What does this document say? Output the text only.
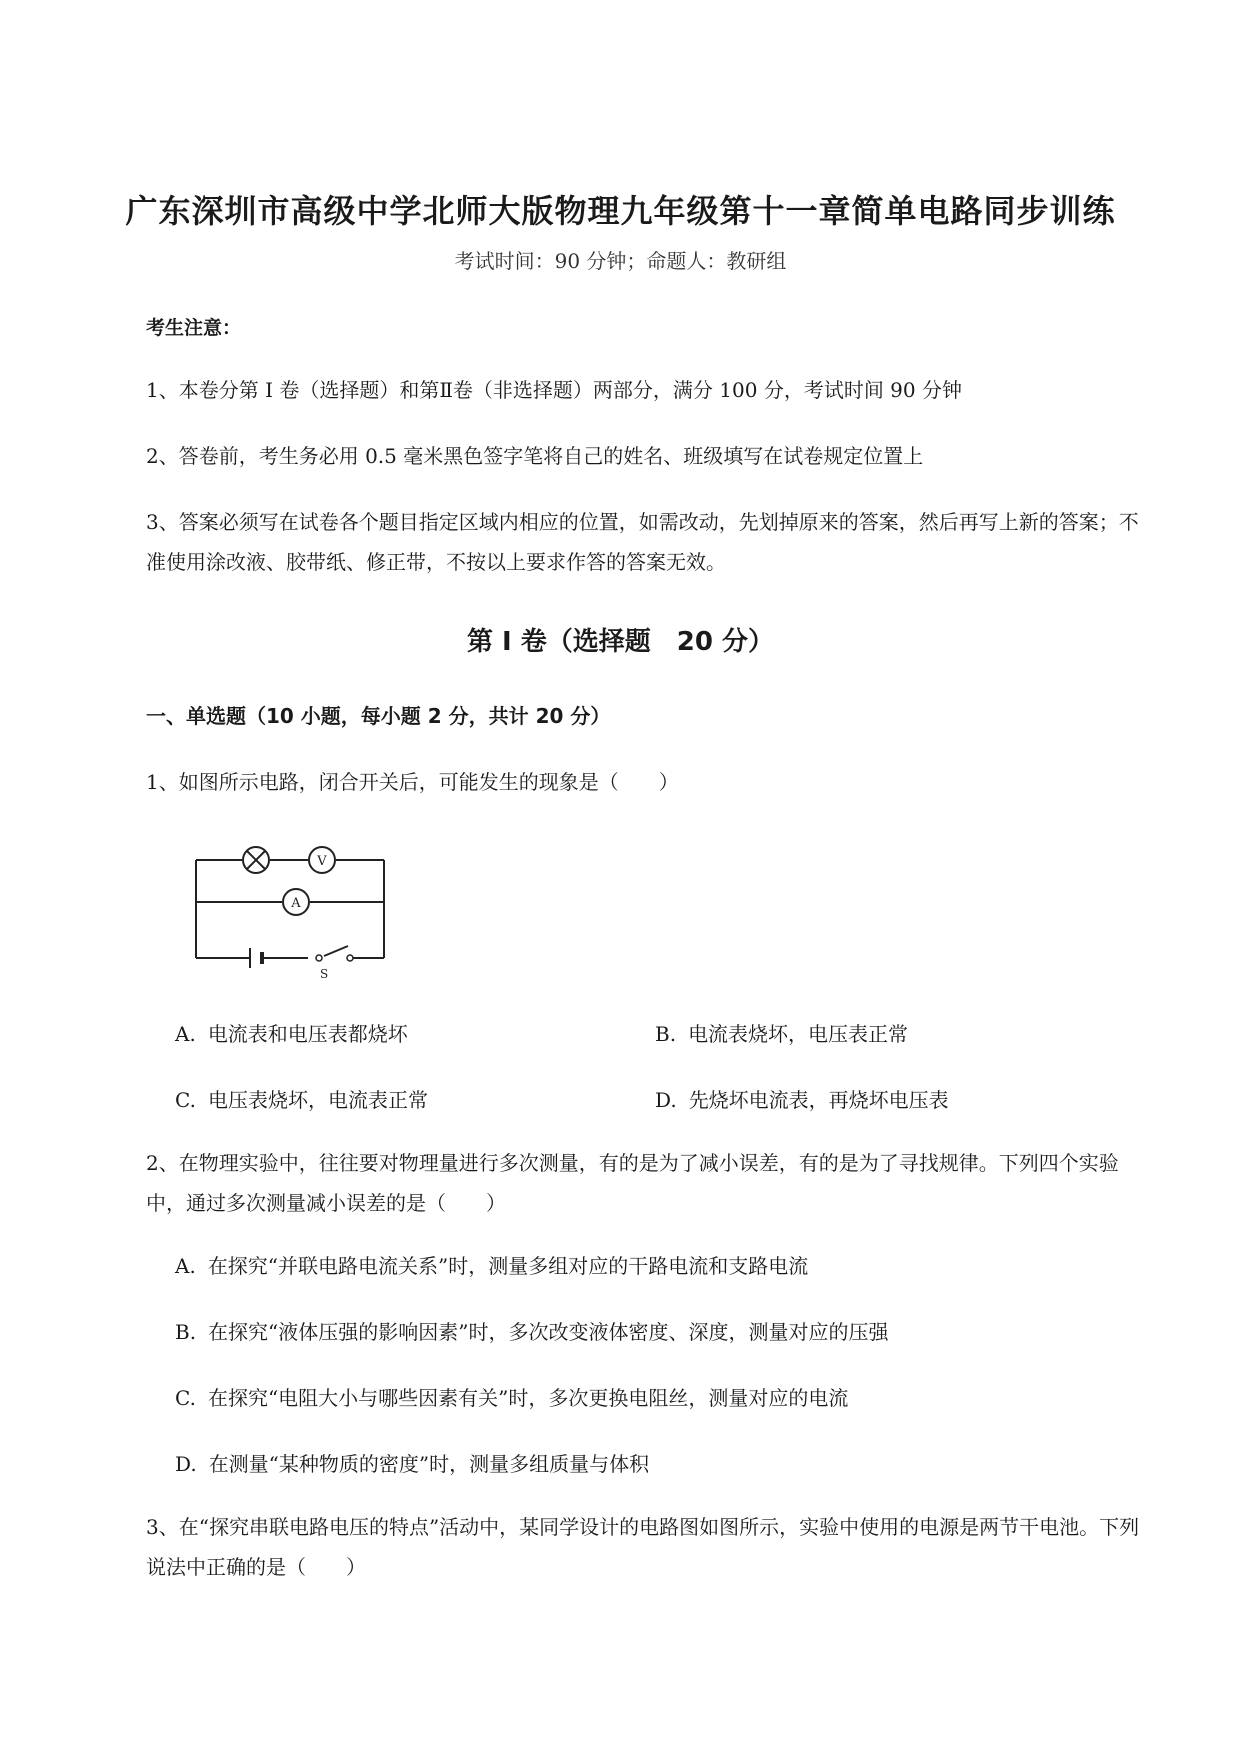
广东深圳市高级中学北师大版物理九年级第十一章简单电路同步训练
考试时间：90 分钟；命题人：教研组
考生注意：
1、本卷分第 I 卷（选择题）和第Ⅱ卷（非选择题）两部分，满分 100 分，考试时间 90 分钟
2、答卷前，考生务必用 0.5 毫米黑色签字笔将自己的姓名、班级填写在试卷规定位置上
3、答案必须写在试卷各个题目指定区域内相应的位置，如需改动，先划掉原来的答案，然后再写上新的答案；不准使用涂改液、胶带纸、修正带，不按以上要求作答的答案无效。
第 I 卷（选择题　20 分）
一、单选题（10 小题，每小题 2 分，共计 20 分）
1、如图所示电路，闭合开关后，可能发生的现象是（　　）
V
A
S
A. 电流表和电压表都烧坏	B. 电流表烧坏，电压表正常
C. 电压表烧坏，电流表正常	D. 先烧坏电流表，再烧坏电压表
2、在物理实验中，往往要对物理量进行多次测量，有的是为了减小误差，有的是为了寻找规律。下列四个实验中，通过多次测量减小误差的是（　　）
A. 在探究“并联电路电流关系”时，测量多组对应的干路电流和支路电流
B. 在探究“液体压强的影响因素”时，多次改变液体密度、深度，测量对应的压强
C. 在探究“电阻大小与哪些因素有关”时，多次更换电阻丝，测量对应的电流
D. 在测量“某种物质的密度”时，测量多组质量与体积
3、在“探究串联电路电压的特点”活动中，某同学设计的电路图如图所示，实验中使用的电源是两节干电池。下列说法中正确的是（　　）
